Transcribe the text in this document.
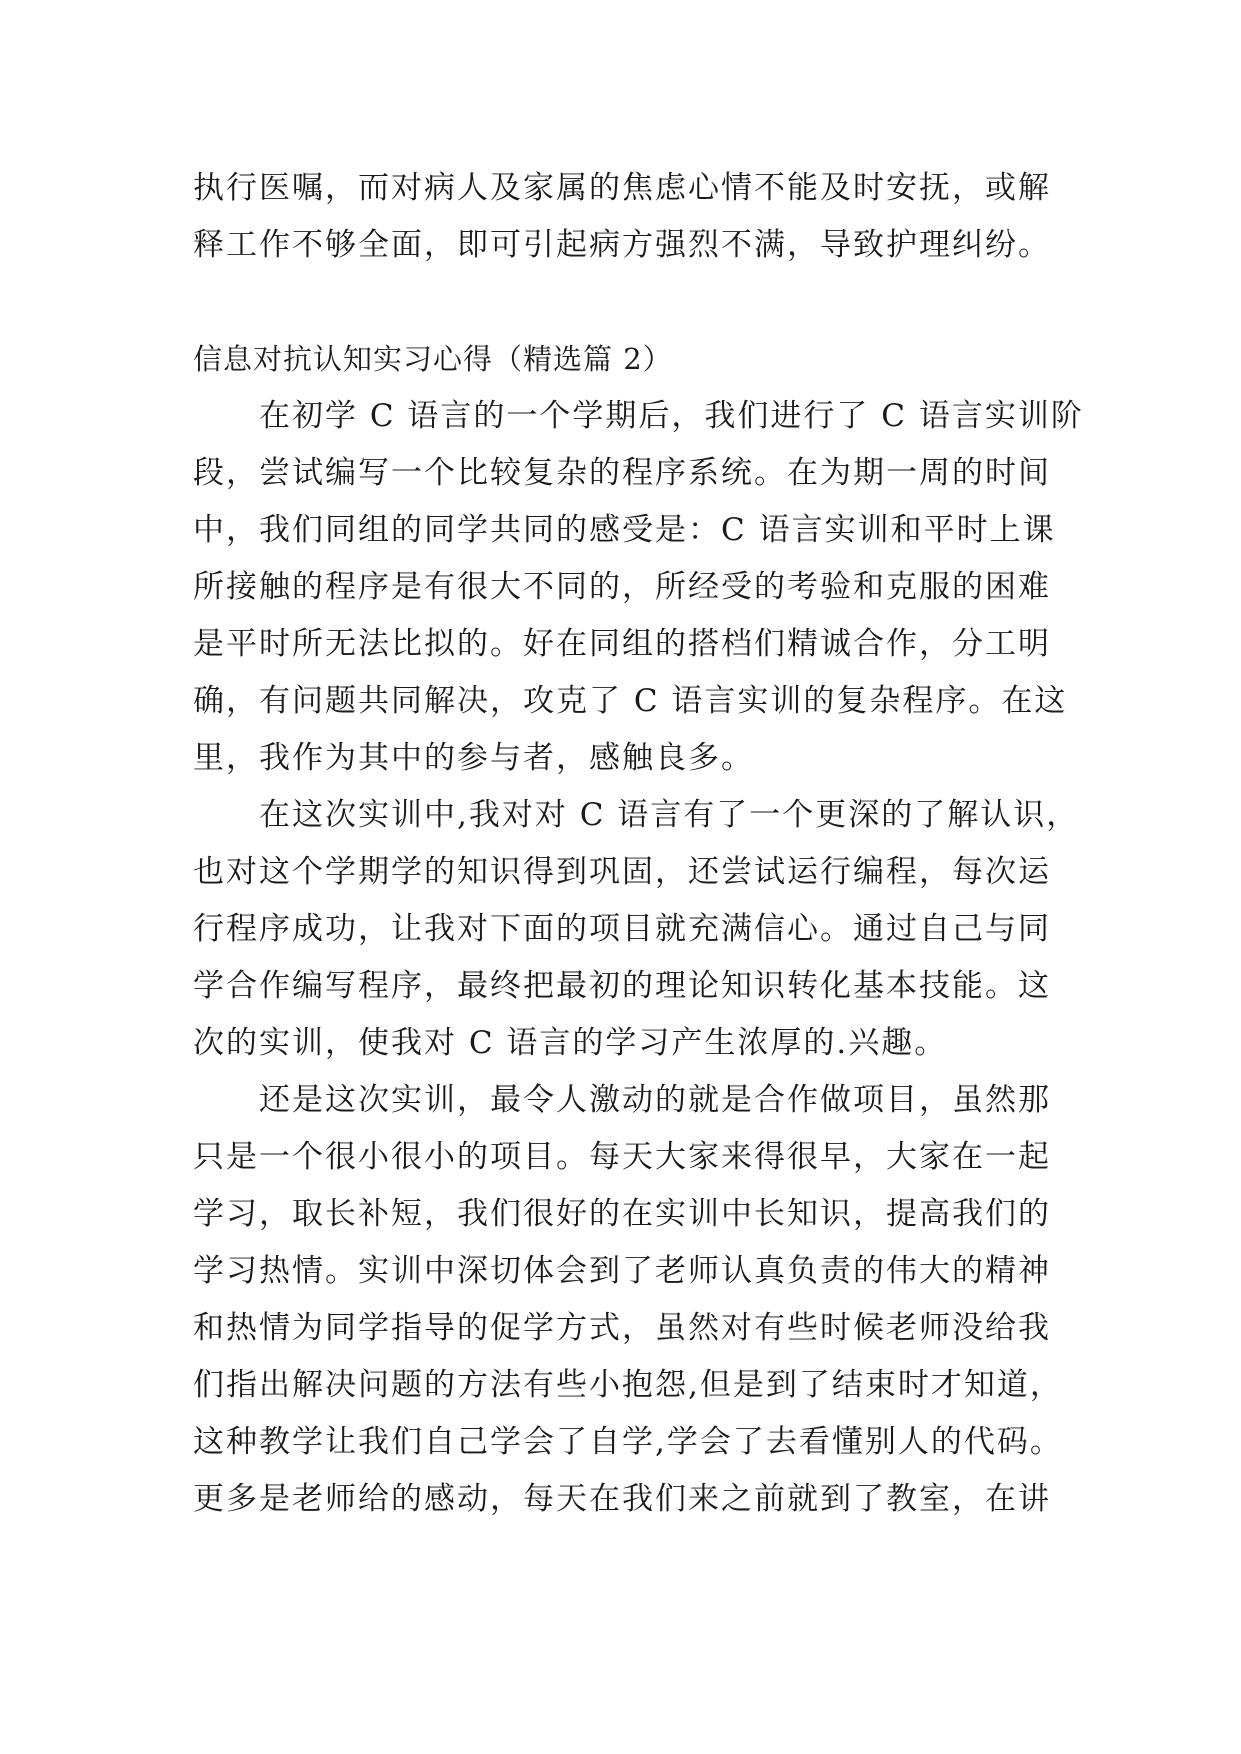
执行医嘱，而对病人及家属的焦虑心情不能及时安抚，或解
释工作不够全面，即可引起病方强烈不满，导致护理纠纷。
信息对抗认知实习心得（精选篇 2）
在初学 C 语言的一个学期后，我们进行了 C 语言实训阶
段，尝试编写一个比较复杂的程序系统。在为期一周的时间
中，我们同组的同学共同的感受是：C 语言实训和平时上课
所接触的程序是有很大不同的，所经受的考验和克服的困难
是平时所无法比拟的。好在同组的搭档们精诚合作，分工明
确，有问题共同解决，攻克了 C 语言实训的复杂程序。在这
里，我作为其中的参与者，感触良多。
在这次实训中,我对对 C 语言有了一个更深的了解认识，
也对这个学期学的知识得到巩固，还尝试运行编程，每次运
行程序成功，让我对下面的项目就充满信心。通过自己与同
学合作编写程序，最终把最初的理论知识转化基本技能。这
次的实训，使我对 C 语言的学习产生浓厚的.兴趣。
还是这次实训，最令人激动的就是合作做项目，虽然那
只是一个很小很小的项目。每天大家来得很早，大家在一起
学习，取长补短，我们很好的在实训中长知识，提高我们的
学习热情。实训中深切体会到了老师认真负责的伟大的精神
和热情为同学指导的促学方式，虽然对有些时候老师没给我
们指出解决问题的方法有些小抱怨,但是到了结束时才知道，
这种教学让我们自己学会了自学,学会了去看懂别人的代码。
更多是老师给的感动，每天在我们来之前就到了教室，在讲
